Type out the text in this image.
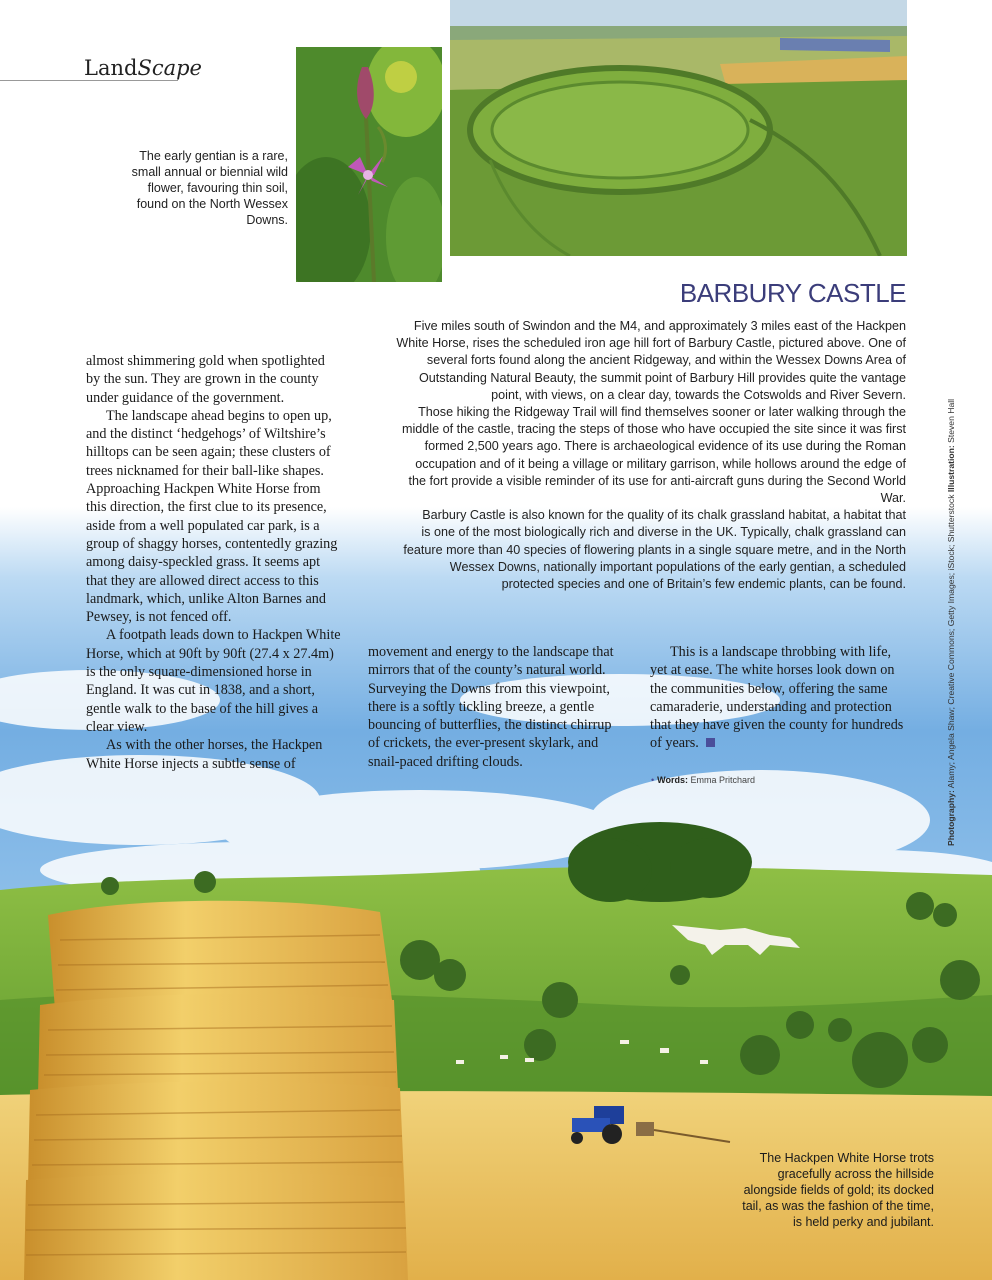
LandScape
The early gentian is a rare, small annual or biennial wild flower, favouring thin soil, found on the North Wessex Downs.
BARBURY CASTLE

Five miles south of Swindon and the M4, and approximately 3 miles east of the Hackpen White Horse, rises the scheduled iron age hill fort of Barbury Castle, pictured above. One of several forts found along the ancient Ridgeway, and within the Wessex Downs Area of Outstanding Natural Beauty, the summit point of Barbury Hill provides quite the vantage point, with views, on a clear day, towards the Cotswolds and River Severn.

Those hiking the Ridgeway Trail will find themselves sooner or later walking through the middle of the castle, tracing the steps of those who have occupied the site since it was first formed 2,500 years ago. There is archaeological evidence of its use during the Roman occupation and of it being a village or military garrison, while hollows around the edge of the fort provide a visible reminder of its use for anti-aircraft guns during the Second World War.

Barbury Castle is also known for the quality of its chalk grassland habitat, a habitat that is one of the most biologically rich and diverse in the UK. Typically, chalk grassland can feature more than 40 species of flowering plants in a single square metre, and in the North Wessex Downs, nationally important populations of the early gentian, a scheduled protected species and one of Britain’s few endemic plants, can be found.

almost shimmering gold when spotlighted by the sun. They are grown in the county under guidance of the government.

The landscape ahead begins to open up, and the distinct ‘hedgehogs’ of Wiltshire’s hilltops can be seen again; these clusters of trees nicknamed for their ball-like shapes. Approaching Hackpen White Horse from this direction, the first clue to its presence, aside from a well populated car park, is a group of shaggy horses, contentedly grazing among daisy-speckled grass. It seems apt that they are allowed direct access to this landmark, which, unlike Alton Barnes and Pewsey, is not fenced off.

A footpath leads down to Hackpen White Horse, which at 90ft by 90ft (27.4 x 27.4m) is the only square-dimensioned horse in England. It was cut in 1838, and a short, gentle walk to the base of the hill gives a clear view.

As with the other horses, the Hackpen White Horse injects a subtle sense of

movement and energy to the landscape that mirrors that of the county’s natural world. Surveying the Downs from this viewpoint, there is a softly tickling breeze, a gentle bouncing of butterflies, the distinct chirrup of crickets, the ever-present skylark, and snail-paced drifting clouds.

This is a landscape throbbing with life, yet at ease. The white horses look down on the communities below, offering the same camaraderie, understanding and protection that they have given the county for hundreds of years.

• Words: Emma Pritchard
Photography: Alamy; Angela Shaw; Creative Commons; Getty Images; iStock; Shutterstock Illustration: Steven Hall
The Hackpen White Horse trots gracefully across the hillside alongside fields of gold; its docked tail, as was the fashion of the time, is held perky and jubilant.
